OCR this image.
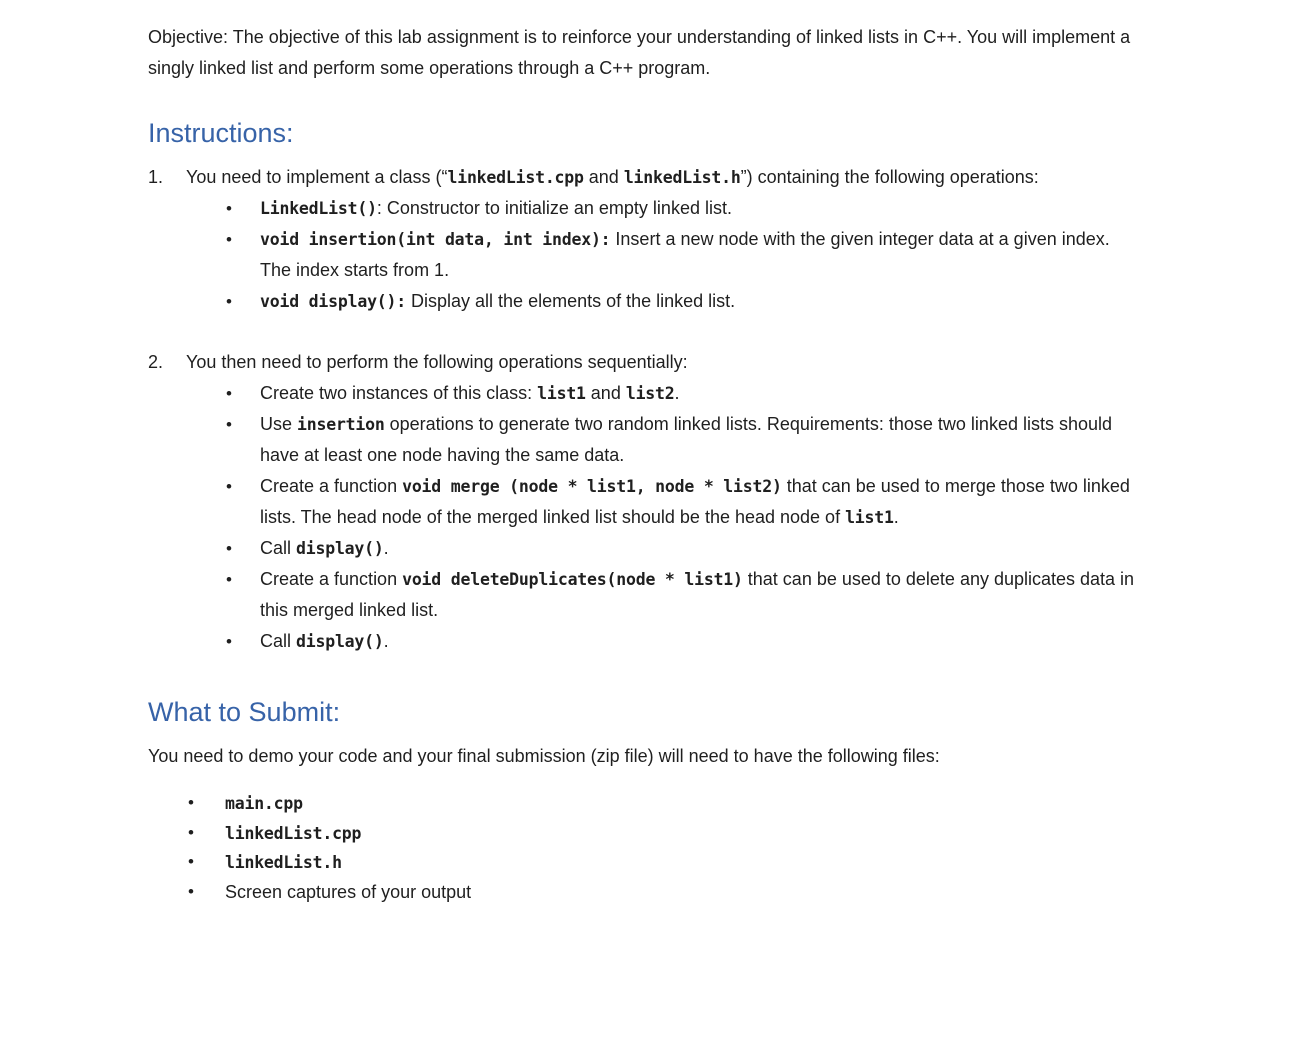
Objective: The objective of this lab assignment is to reinforce your understanding of linked lists in C++. You will implement a singly linked list and perform some operations through a C++ program.

Instructions:
1.	You need to implement a class (“linkedList.cpp and linkedList.h”) containing the following operations:

•	LinkedList(): Constructor to initialize an empty linked list.

•	void insertion(int data, int index): Insert a new node with the given integer data at a given index. The index starts from 1.

•	void display(): Display all the elements of the linked list.

2.	You then need to perform the following operations sequentially:

•	Create two instances of this class: list1 and list2.

•	Use insertion operations to generate two random linked lists. Requirements: those two linked lists should have at least one node having the same data.

•	Create a function void merge (node * list1, node * list2) that can be used to merge those two linked lists. The head node of the merged linked list should be the head node of list1.

•	Call display().

•	Create a function void deleteDuplicates(node * list1) that can be used to delete any duplicates data in this merged linked list.

•	Call display().

What to Submit:

You need to demo your code and your final submission (zip file) will need to have the following files:

•	main.cpp

•	linkedList.cpp

•	linkedList.h

•	Screen captures of your output
